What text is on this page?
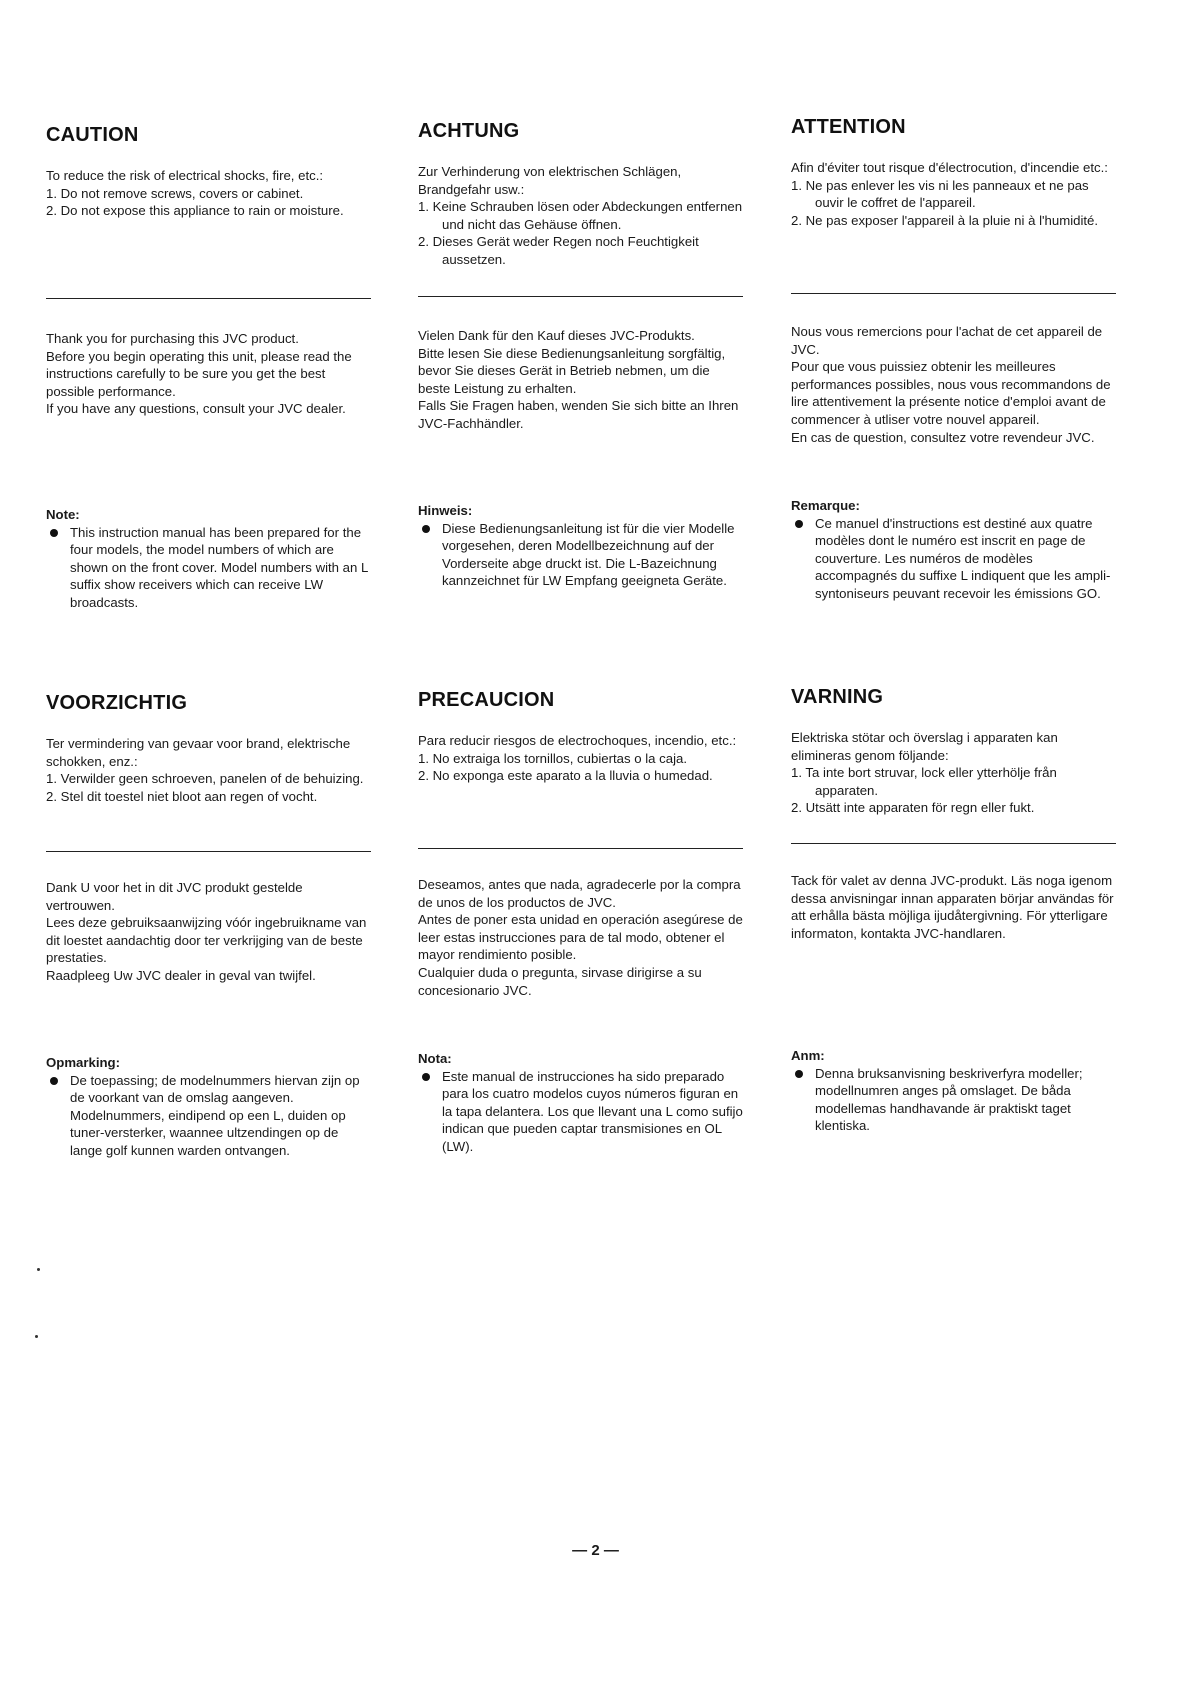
CAUTION

To reduce the risk of electrical shocks, fire, etc.:

1. Do not remove screws, covers or cabinet.
2. Do not expose this appliance to rain or moisture.
ACHTUNG

Zur Verhinderung von elektrischen Schlägen, Brandgefahr usw.:

1. Keine Schrauben lösen oder Abdeckungen entfernen und nicht das Gehäuse öffnen.
2. Dieses Gerät weder Regen noch Feuchtigkeit aussetzen.
ATTENTION

Afin d'éviter tout risque d'électrocution, d'incendie etc.:

1. Ne pas enlever les vis ni les panneaux et ne pas ouvir le coffret de l'appareil.
2. Ne pas exposer l'appareil à la pluie ni à l'humidité.

Thank you for purchasing this JVC product.

Before you begin operating this unit, please read the instructions carefully to be sure you get the best possible performance.

If you have any questions, consult your JVC dealer.

Vielen Dank für den Kauf dieses JVC-Produkts.

Bitte lesen Sie diese Bedienungsanleitung sorgfältig, bevor Sie dieses Gerät in Betrieb nebmen, um die beste Leistung zu erhalten.

Falls Sie Fragen haben, wenden Sie sich bitte an Ihren JVC-Fachhändler.

Nous vous remercions pour l'achat de cet appareil de JVC.

Pour que vous puissiez obtenir les meilleures performances possibles, nous vous recommandons de lire attentivement la présente notice d'emploi avant de commencer à utliser votre nouvel appareil.

En cas de question, consultez votre revendeur JVC.

Note:
This instruction manual has been prepared for the four models, the model numbers of which are shown on the front cover. Model numbers with an L suffix show receivers which can receive LW broadcasts.
Hinweis:
Diese Bedienungsanleitung ist für die vier Modelle vorgesehen, deren Modellbezeichnung auf der Vorderseite abge druckt ist. Die L-Bazeichnung kannzeichnet für LW Empfang geeigneta Geräte.
Remarque:
Ce manuel d'instructions est destiné aux quatre modèles dont le numéro est inscrit en page de couverture. Les numéros de modèles accompagnés du suffixe L indiquent que les ampli-syntoniseurs peuvant recevoir les émissions GO.
VOORZICHTIG

Ter vermindering van gevaar voor brand, elektrische schokken, enz.:

1. Verwilder geen schroeven, panelen of de behuizing.
2. Stel dit toestel niet bloot aan regen of vocht.
PRECAUCION

Para reducir riesgos de electrochoques, incendio, etc.:

1. No extraiga los tornillos, cubiertas o la caja.
2. No exponga este aparato a la lluvia o humedad.
VARNING

Elektriska stötar och överslag i apparaten kan elimineras genom följande:

1. Ta inte bort struvar, lock eller ytterhölje från apparaten.
2. Utsätt inte apparaten för regn eller fukt.

Dank U voor het in dit JVC produkt gestelde vertrouwen.

Lees deze gebruiksaanwijzing vóór ingebruikname van dit loestet aandachtig door ter verkrijging van de beste prestaties.

Raadpleeg Uw JVC dealer in geval van twijfel.

Deseamos, antes que nada, agradecerle por la compra de unos de los productos de JVC.

Antes de poner esta unidad en operación asegúrese de leer estas instrucciones para de tal modo, obtener el mayor rendimiento posible.

Cualquier duda o pregunta, sirvase dirigirse a su concesionario JVC.

Tack för valet av denna JVC-produkt. Läs noga igenom dessa anvisningar innan apparaten börjar användas för att erhålla bästa möjliga ijudåtergivning. För ytterligare informaton, kontakta JVC-handlaren.

Opmarking:
De toepassing; de modelnummers hiervan zijn op de voorkant van de omslag aangeven. Modelnummers, eindipend op een L, duiden op tuner-versterker, waannee ultzendingen op de lange golf kunnen warden ontvangen.
Nota:
Este manual de instrucciones ha sido preparado para los cuatro modelos cuyos números figuran en la tapa delantera. Los que llevant una L como sufijo indican que pueden captar transmisiones en OL (LW).
Anm:
Denna bruksanvisning beskriverfyra modeller; modellnumren anges på omslaget. De båda modellemas handhavande är praktiskt taget klentiska.
— 2 —
